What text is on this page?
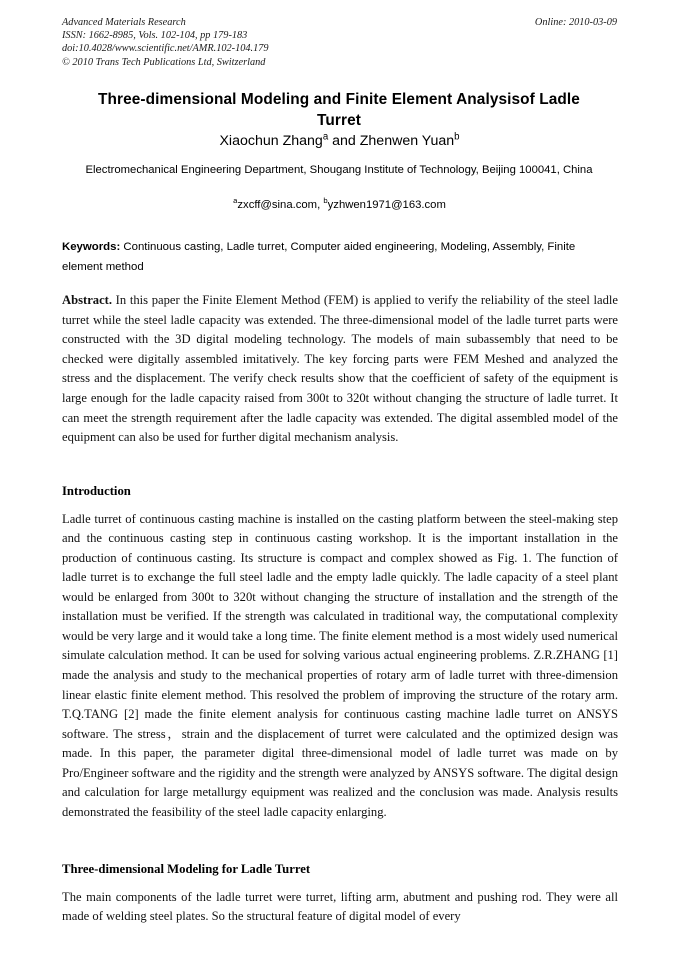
Advanced Materials Research
ISSN: 1662-8985, Vols. 102-104, pp 179-183
doi:10.4028/www.scientific.net/AMR.102-104.179
© 2010 Trans Tech Publications Ltd, Switzerland
Online: 2010-03-09
Three-dimensional Modeling and Finite Element Analysisof Ladle Turret
Xiaochun Zhang$^a$ and Zhenwen Yuan$^b$
Electromechanical Engineering Department, Shougang Institute of Technology, Beijing 100041, China
$^a$zxcff@sina.com, $^b$yzhwen1971@163.com
Keywords: Continuous casting, Ladle turret, Computer aided engineering, Modeling, Assembly, Finite element method
Abstract. In this paper the Finite Element Method (FEM) is applied to verify the reliability of the steel ladle turret while the steel ladle capacity was extended. The three-dimensional model of the ladle turret parts were constructed with the 3D digital modeling technology. The models of main subassembly that need to be checked were digitally assembled imitatively. The key forcing parts were FEM Meshed and analyzed the stress and the displacement. The verify check results show that the coefficient of safety of the equipment is large enough for the ladle capacity raised from 300t to 320t without changing the structure of ladle turret. It can meet the strength requirement after the ladle capacity was extended. The digital assembled model of the equipment can also be used for further digital mechanism analysis.
Introduction

Ladle turret of continuous casting machine is installed on the casting platform between the steel-making step and the continuous casting step in continuous casting workshop. It is the important installation in the production of continuous casting. Its structure is compact and complex showed as Fig. 1. The function of ladle turret is to exchange the full steel ladle and the empty ladle quickly. The ladle capacity of a steel plant would be enlarged from 300t to 320t without changing the structure of installation and the strength of the installation must be verified. If the strength was calculated in traditional way, the computational complexity would be very large and it would take a long time. The finite element method is a most widely used numerical simulate calculation method. It can be used for solving various actual engineering problems. Z.R.ZHANG [1] made the analysis and study to the mechanical properties of rotary arm of ladle turret with three-dimension linear elastic finite element method. This resolved the problem of improving the structure of the rotary arm. T.Q.TANG [2] made the finite element analysis for continuous casting machine ladle turret on ANSYS software. The stress，strain and the displacement of turret were calculated and the optimized design was made. In this paper, the parameter digital three-dimensional model of ladle turret was made on by Pro/Engineer software and the rigidity and the strength were analyzed by ANSYS software. The digital design and calculation for large metallurgy equipment was realized and the conclusion was made. Analysis results demonstrated the feasibility of the steel ladle capacity enlarging.

Three-dimensional Modeling for Ladle Turret

The main components of the ladle turret were turret, lifting arm, abutment and pushing rod. They were all made of welding steel plates. So the structural feature of digital model of every
